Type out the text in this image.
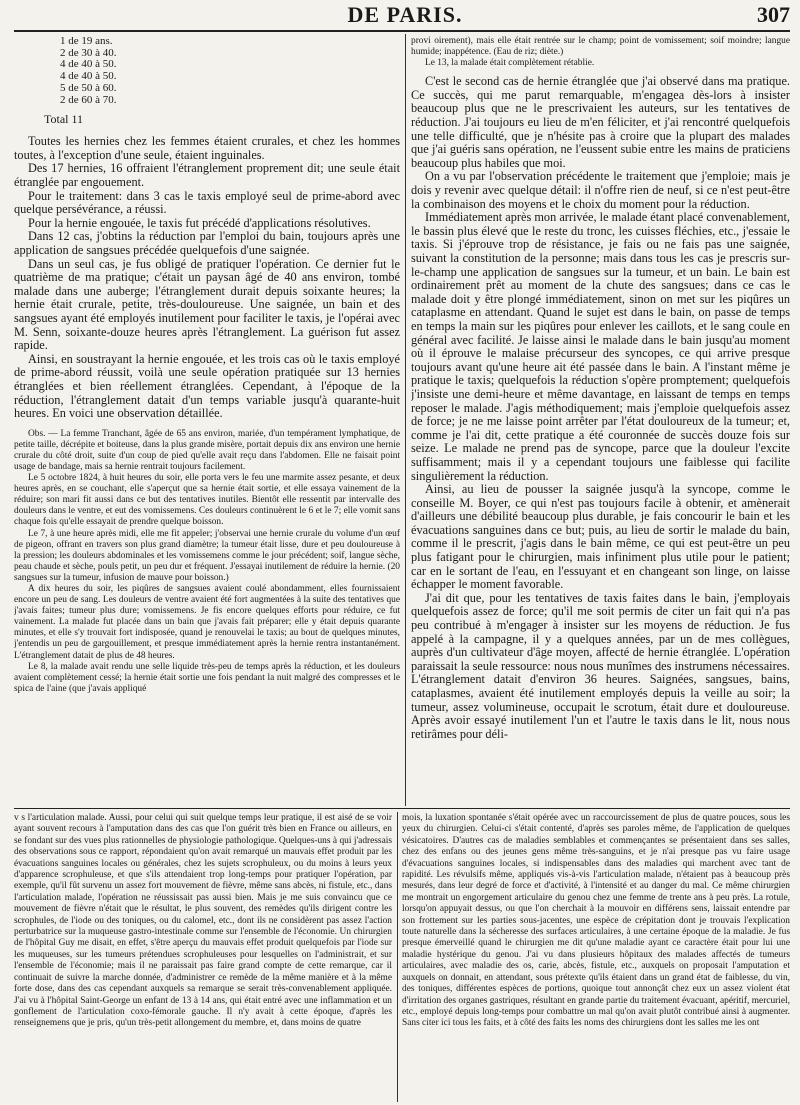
DE PARIS.	307
1 de 19 ans.
2 de 30 à 40.
4 de 40 à 50.
4 de 40 à 50.
5 de 50 à 60.
2 de 60 à 70.
Total 11

Toutes les hernies chez les femmes étaient crurales, et chez les hommes toutes, à l'exception d'une seule, étaient inguinales.

Des 17 hernies, 16 offraient l'étranglement proprement dit; une seule était étranglée par engouement.

Pour le traitement: dans 3 cas le taxis employé seul de prime-abord avec quelque persévérance, a réussi.

Pour la hernie engouée, le taxis fut précédé d'applications résolutives.

Dans 12 cas, j'obtins la réduction par l'emploi du bain, toujours après une application de sangsues précédée quelquefois d'une saignée.

Dans un seul cas, je fus obligé de pratiquer l'opération. Ce dernier fut le quatrième de ma pratique; c'était un paysan âgé de 40 ans environ, tombé malade dans une auberge; l'étranglement durait depuis soixante heures; la hernie était crurale, petite, très-douloureuse. Une saignée, un bain et des sangsues ayant été employés inutilement pour faciliter le taxis, je l'opérai avec M. Senn, soixante-douze heures après l'étranglement. La guérison fut assez rapide.

Ainsi, en soustrayant la hernie engouée, et les trois cas où le taxis employé de prime-abord réussit, voilà une seule opération pratiquée sur 13 hernies étranglées et bien réellement étranglées. Cependant, à l'époque de la réduction, l'étranglement datait d'un temps variable jusqu'à quarante-huit heures. En voici une observation détaillée.

Obs. — La femme Tranchant, âgée de 65 ans environ, mariée, d'un tempérament lymphatique, de petite taille, décrépite et boiteuse, dans la plus grande misère, portait depuis dix ans environ une hernie crurale du côté droit, suite d'un coup de pied qu'elle avait reçu dans l'abdomen. Elle ne faisait point usage de bandage, mais sa hernie rentrait toujours facilement.

Le 5 octobre 1824, à huit heures du soir, elle porta vers le feu une marmite assez pesante, et deux heures après, en se couchant, elle s'aperçut que sa hernie était sortie, et elle essaya vainement de la réduire; son mari fit aussi dans ce but des tentatives inutiles. Bientôt elle ressentit par intervalle des douleurs dans le ventre, et eut des vomissemens. Ces douleurs continuèrent le 6 et le 7; elle vomit sans chaque fois qu'elle essayait de prendre quelque boisson.

Le 7, à une heure après midi, elle me fit appeler; j'observai une hernie crurale du volume d'un œuf de pigeon, offrant en travers son plus grand diamètre; la tumeur était lisse, dure et peu douloureuse à la pression; les douleurs abdominales et les vomissemens comme le jour précédent; soif, langue sèche, peau chaude et sèche, pouls petit, un peu dur et fréquent. J'essayai inutilement de réduire la hernie. (20 sangsues sur la tumeur, infusion de mauve pour boisson.)

A dix heures du soir, les piqûres de sangsues avaient coulé abondamment, elles fournissaient encore un peu de sang. Les douleurs de ventre avaient été fort augmentées à la suite des tentatives que j'avais faites; tumeur plus dure; vomissemens. Je fis encore quelques efforts pour réduire, ce fut vainement. La malade fut placée dans un bain que j'avais fait préparer; elle y était depuis quarante minutes, et elle s'y trouvait fort indisposée, quand je renouvelai le taxis; au bout de quelques minutes, j'entendis un peu de gargouillement, et presque immédiatement après la hernie rentra instantanément. L'étranglement datait de plus de 48 heures.

Le 8, la malade avait rendu une selle liquide très-peu de temps après la réduction, et les douleurs avaient complètement cessé; la hernie était sortie une fois pendant la nuit malgré des compresses et le spica de l'aine (que j'avais appliqué

provi oirement), mais elle était rentrée sur le champ; point de vomissement; soif moindre; langue humide; inappétence. (Eau de riz; diète.)

Le 13, la malade était complètement rétablie.

C'est le second cas de hernie étranglée que j'ai observé dans ma pratique. Ce succès, qui me parut remarquable, m'engagea dès-lors à insister beaucoup plus que ne le prescrivaient les auteurs, sur les tentatives de réduction. J'ai toujours eu lieu de m'en féliciter, et j'ai rencontré quelquefois une telle difficulté, que je n'hésite pas à croire que la plupart des malades que j'ai guéris sans opération, ne l'eussent subie entre les mains de praticiens beaucoup plus habiles que moi.

On a vu par l'observation précédente le traitement que j'emploie; mais je dois y revenir avec quelque détail: il n'offre rien de neuf, si ce n'est peut-être la combinaison des moyens et le choix du moment pour la réduction.

Immédiatement après mon arrivée, le malade étant placé convenablement, le bassin plus élevé que le reste du tronc, les cuisses fléchies, etc., j'essaie le taxis. Si j'éprouve trop de résistance, je fais ou ne fais pas une saignée, suivant la constitution de la personne; mais dans tous les cas je prescris sur-le-champ une application de sangsues sur la tumeur, et un bain. Le bain est ordinairement prêt au moment de la chute des sangsues; dans ce cas le malade doit y être plongé immédiatement, sinon on met sur les piqûres un cataplasme en attendant. Quand le sujet est dans le bain, on passe de temps en temps la main sur les piqûres pour enlever les caillots, et le sang coule en général avec facilité. Je laisse ainsi le malade dans le bain jusqu'au moment où il éprouve le malaise précurseur des syncopes, ce qui arrive presque toujours avant qu'une heure ait été passée dans le bain. A l'instant même je pratique le taxis; quelquefois la réduction s'opère promptement; quelquefois j'insiste une demi-heure et même davantage, en laissant de temps en temps reposer le malade. J'agis méthodiquement; mais j'emploie quelquefois assez de force; je ne me laisse point arrêter par l'état douloureux de la tumeur; et, comme je l'ai dit, cette pratique a été couronnée de succès douze fois sur seize. Le malade ne prend pas de syncope, parce que la douleur l'excite suffisamment; mais il y a cependant toujours une faiblesse qui facilite singulièrement la réduction.

Ainsi, au lieu de pousser la saignée jusqu'à la syncope, comme le conseille M. Boyer, ce qui n'est pas toujours facile à obtenir, et amènerait d'ailleurs une débilité beaucoup plus durable, je fais concourir le bain et les évacuations sanguines dans ce but; puis, au lieu de sortir le malade du bain, comme il le prescrit, j'agis dans le bain même, ce qui est peut-être un peu plus fatigant pour le chirurgien, mais infiniment plus utile pour le patient; car en le sortant de l'eau, en l'essuyant et en changeant son linge, on laisse échapper le moment favorable.

J'ai dit que, pour les tentatives de taxis faites dans le bain, j'employais quelquefois assez de force; qu'il me soit permis de citer un fait qui n'a pas peu contribué à m'engager à insister sur les moyens de réduction. Je fus appelé à la campagne, il y a quelques années, par un de mes collègues, auprès d'un cultivateur d'âge moyen, affecté de hernie étranglée. L'opération paraissait la seule ressource: nous nous munîmes des instrumens nécessaires. L'étranglement datait d'environ 36 heures. Saignées, sangsues, bains, cataplasmes, avaient été inutilement employés depuis la veille au soir; la tumeur, assez volumineuse, occupait le scrotum, était dure et douloureuse. Après avoir essayé inutilement l'un et l'autre le taxis dans le lit, nous nous retirâmes pour déli-

v s l'articulation malade. Aussi, pour celui qui suit quelque temps leur pratique, il est aisé de se voir ayant souvent recours à l'amputation dans des cas que l'on guérit très bien en France ou ailleurs, en se fondant sur des vues plus rationnelles de physiologie pathologique. Quelques-uns à qui j'adressais des observations sous ce rapport, répondaient qu'on avait remarqué un mauvais effet produit par les évacuations sanguines locales ou générales, chez les sujets scrophuleux, ou du moins à leurs yeux d'apparence scrophuleuse, et que s'ils attendaient trop long-temps pour pratiquer l'opération, par exemple, qu'il fût survenu un assez fort mouvement de fièvre, même sans abcès, ni fistule, etc., dans l'articulation malade, l'opération ne réussissait pas aussi bien. Mais je me suis convaincu que ce mouvement de fièvre n'était que le résultat, le plus souvent, des remèdes qu'ils dirigent contre les scrophules, de l'iode ou des toniques, ou du calomel, etc., dont ils ne considèrent pas assez l'action perturbatrice sur la muqueuse gastro-intestinale comme sur l'ensemble de l'économie. Un chirurgien de l'hôpital Guy me disait, en effet, s'être aperçu du mauvais effet produit quelquefois par l'iode sur les muqueuses, sur les tumeurs prétendues scrophuleuses pour lesquelles on l'administrait, et sur l'ensemble de l'économie; mais il ne paraissait pas faire grand compte de cette remarque, car il continuait de suivre la marche donnée, d'administrer ce remède de la même manière et à la même forte dose, dans des cas cependant auxquels sa remarque se serait très-convenablement appliquée. J'ai vu à l'hôpital Saint-George un enfant de 13 à 14 ans, qui était entré avec une inflammation et un gonflement de l'articulation coxo-fémorale gauche. Il n'y avait à cette époque, d'après les renseignemens que je pris, qu'un très-petit allongement du membre, et, dans moins de quatre

mois, la luxation spontanée s'était opérée avec un raccourcissement de plus de quatre pouces, sous les yeux du chirurgien. Celui-ci s'était contenté, d'après ses paroles même, de l'application de quelques vésicatoires. D'autres cas de maladies semblables et commençantes se présentaient dans ses salles, chez des enfans ou des jeunes gens même très-sanguins, et je n'ai presque pas vu faire usage d'évacuations sanguines locales, si indispensables dans des maladies qui marchent avec tant de rapidité. Les révulsifs même, appliqués vis-à-vis l'articulation malade, n'étaient pas à beaucoup près mesurés, dans leur degré de force et d'activité, à l'intensité et au danger du mal. Ce même chirurgien me montrait un engorgement articulaire du genou chez une femme de trente ans à peu près. La rotule, lorsqu'on appuyait dessus, ou que l'on cherchait à la mouvoir en différens sens, laissait entendre par son frottement sur les parties sous-jacentes, une espèce de crépitation dont je trouvais l'explication toute naturelle dans la sécheresse des surfaces articulaires, à une certaine époque de la maladie. Je fus presque émerveillé quand le chirurgien me dit qu'une maladie ayant ce caractère était pour lui une maladie hystérique du genou. J'ai vu dans plusieurs hôpitaux des malades affectés de tumeurs articulaires, avec maladie des os, carie, abcès, fistule, etc., auxquels on proposait l'amputation et auxquels on donnait, en attendant, sous prétexte qu'ils étaient dans un grand état de faiblesse, du vin, des toniques, différentes espèces de portions, quoique tout annonçât chez eux un assez violent état d'irritation des organes gastriques, résultant en grande partie du traitement évacuant, apéritif, mercuriel, etc., employé depuis long-temps pour combattre un mal qu'on avait plutôt contribué ainsi à augmenter. Sans citer ici tous les faits, et à côté des faits les noms des chirurgiens dont les salles me les ont
